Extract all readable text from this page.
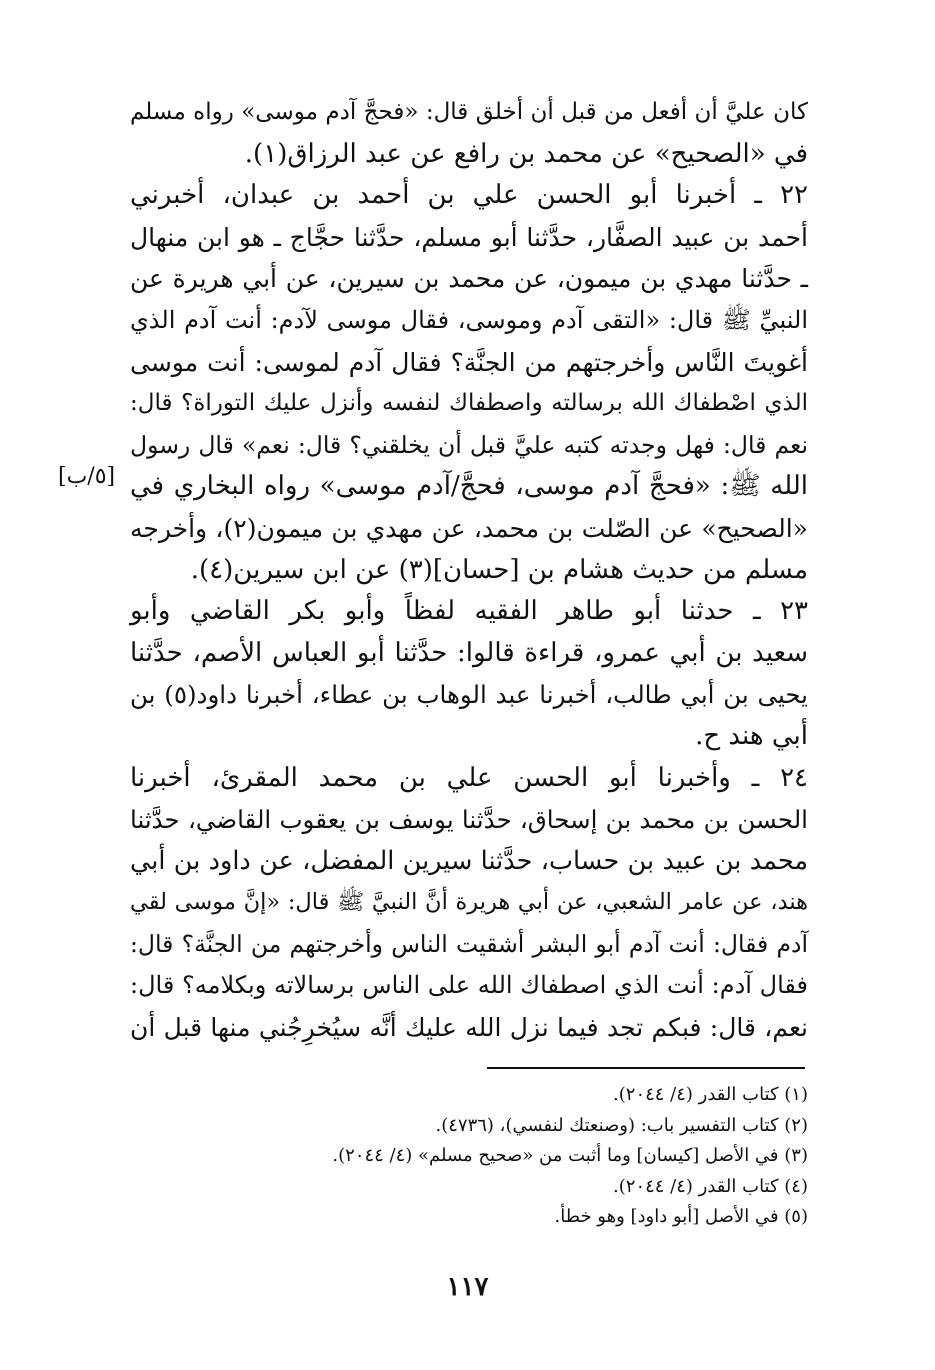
كان عليَّ أن أفعل من قبل أن أخلق قال: «فحجَّ آدم موسى» رواه مسلم
في «الصحيح» عن محمد بن رافع عن عبد الرزاق(١).
٢٢ ـ أخبرنا أبو الحسن علي بن أحمد بن عبدان، أخبرني
أحمد بن عبيد الصفَّار، حدَّثنا أبو مسلم، حدَّثنا حجَّاج ـ هو ابن منهال
ـ حدَّثنا مهدي بن ميمون، عن محمد بن سيرين، عن أبي هريرة عن
النبيِّ ﷺ قال: «التقى آدم وموسى، فقال موسى لآدم: أنت آدم الذي
أغويتَ النَّاس وأخرجتهم من الجنَّة؟ فقال آدم لموسى: أنت موسى
الذي اصْطفاك الله برسالته واصطفاك لنفسه وأنزل عليك التوراة؟ قال:
نعم قال: فهل وجدته كتبه عليَّ قبل أن يخلقني؟ قال: نعم» قال رسول
الله ﷺ: «فحجَّ آدم موسى، فحجَّ/آدم موسى» رواه البخاري في
«الصحيح» عن الصّلت بن محمد، عن مهدي بن ميمون(٢)، وأخرجه
مسلم من حديث هشام بن [حسان](٣) عن ابن سيرين(٤).
٢٣ ـ حدثنا أبو طاهر الفقيه لفظاً وأبو بكر القاضي وأبو
سعيد بن أبي عمرو، قراءة قالوا: حدَّثنا أبو العباس الأصم، حدَّثنا
يحيى بن أبي طالب، أخبرنا عبد الوهاب بن عطاء، أخبرنا داود(٥) بن
أبي هند ح.
٢٤ ـ وأخبرنا أبو الحسن علي بن محمد المقرئ، أخبرنا
الحسن بن محمد بن إسحاق، حدَّثنا يوسف بن يعقوب القاضي، حدَّثنا
محمد بن عبيد بن حساب، حدَّثنا سيرين المفضل، عن داود بن أبي
هند، عن عامر الشعبي، عن أبي هريرة أنَّ النبيَّ ﷺ قال: «إنَّ موسى لقي
آدم فقال: أنت آدم أبو البشر أشقيت الناس وأخرجتهم من الجنَّة؟ قال:
فقال آدم: أنت الذي اصطفاك الله على الناس برسالاته وبكلامه؟ قال:
نعم، قال: فبكم تجد فيما نزل الله عليك أنَّه سيُخرِجُني منها قبل أن
[٥/ب]
(١) كتاب القدر (٤/ ٢٠٤٤).
(٢) كتاب التفسير باب: (وصنعتك لنفسي)، (٤٧٣٦).
(٣) في الأصل [كيسان] وما أثبت من «صحيح مسلم» (٤/ ٢٠٤٤).
(٤) كتاب القدر (٤/ ٢٠٤٤).
(٥) في الأصل [أبو داود] وهو خطأ.
١١٧
